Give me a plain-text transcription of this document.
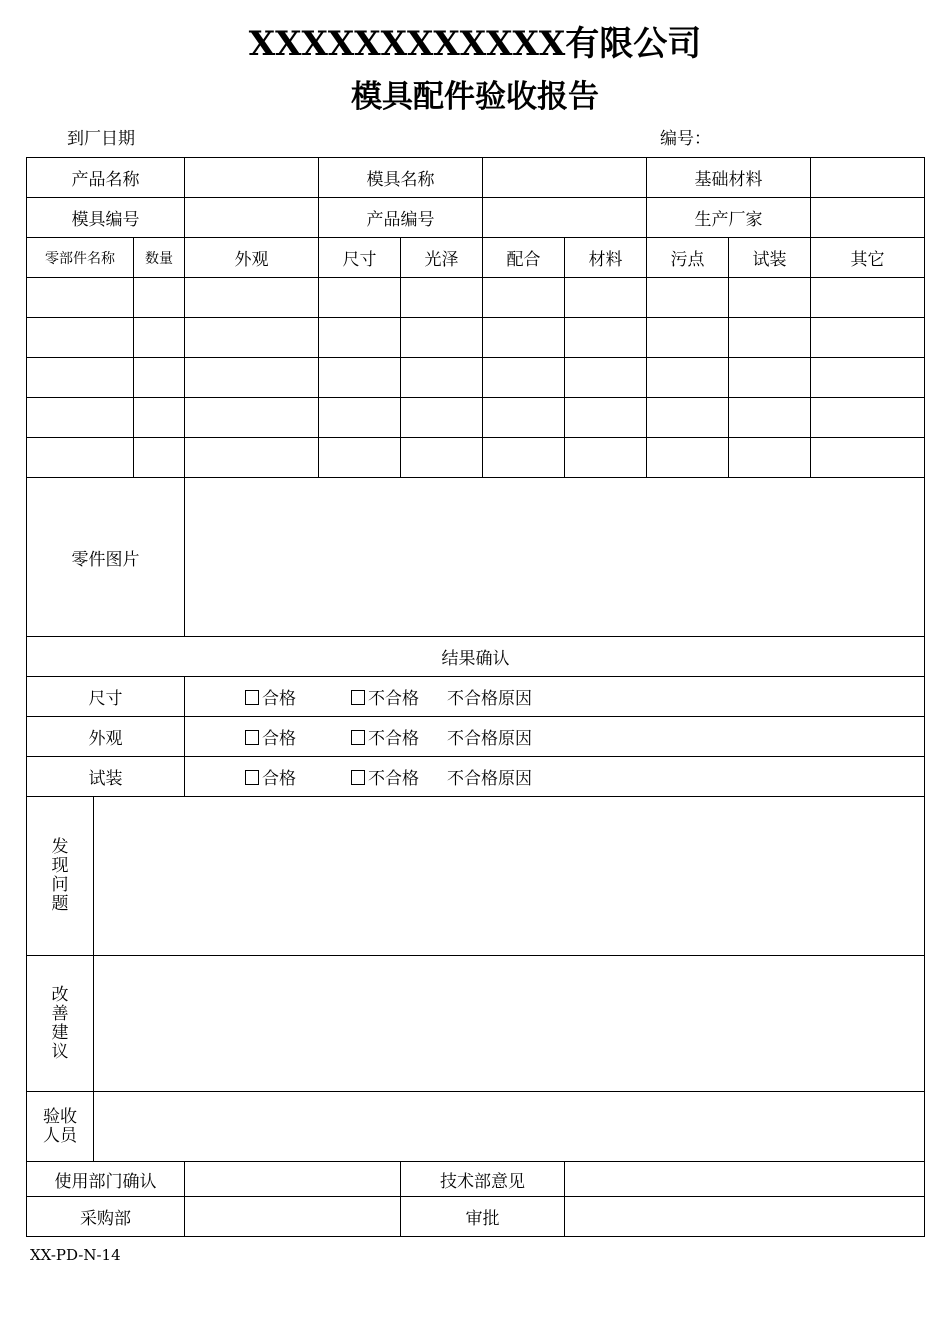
XXXXXXXXXXXX有限公司
模具配件验收报告
到厂日期	编号：
产品名称				模具名称				基础材料		
模具编号				产品编号				生产厂家		
零部件名称		数量	外观	尺寸	光泽	配合	材料	污点	试装	其它

零件图片										
结果确认										
尺寸			合格 不合格 不合格原因							

外观			合格 不合格 不合格原因							

试装			合格 不合格 不合格原因							

发现问题										
改善建议										
验收人员										
使用部门确认					技术部意见					
采购部					审批					
XX-PD-N-14
